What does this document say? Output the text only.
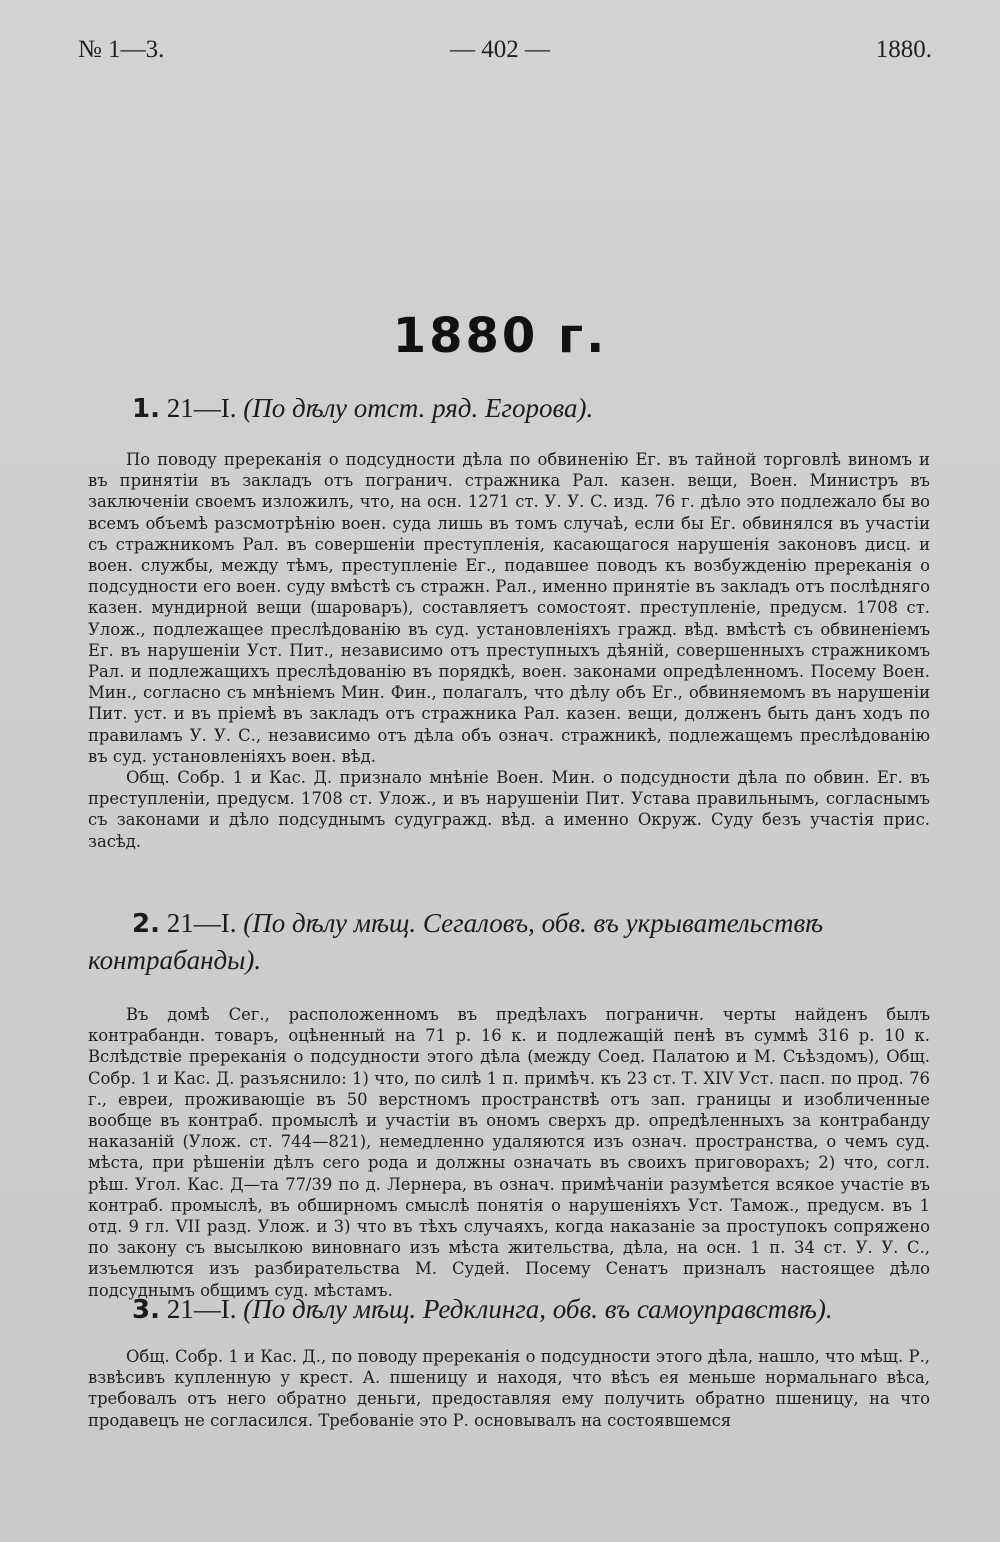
№ 1—3.	— 402 —	1880.
1880 г.
1. 21—I. (По дѣлу отст. ряд. Егорова).

По поводу пререканія о подсудности дѣла по обвиненію Ег. въ тайной торговлѣ виномъ и въ принятіи въ закладъ отъ погранич. стражника Рал. казен. вещи, Воен. Министръ въ заключеніи своемъ изложилъ, что, на осн. 1271 ст. У. У. С. изд. 76 г. дѣло это подлежало бы во всемъ объемѣ разсмотрѣнію воен. суда лишь въ томъ случаѣ, если бы Ег. обвинялся въ участіи съ стражникомъ Рал. въ совершеніи преступленія, касающагося нарушенія законовъ дисц. и воен. службы, между тѣмъ, преступленіе Ег., подавшее поводъ къ возбужденію пререканія о подсудности его воен. суду вмѣстѣ съ стражн. Рал., именно принятіе въ закладъ отъ послѣдняго казен. мундирной вещи (шароваръ), составляетъ сомостоят. преступленіе, предусм. 1708 ст. Улож., подлежащее преслѣдованію въ суд. установленіяхъ гражд. вѣд. вмѣстѣ съ обвиненіемъ Ег. въ нарушеніи Уст. Пит., независимо отъ преступныхъ дѣяній, совершенныхъ стражникомъ Рал. и подлежащихъ преслѣдованію въ порядкѣ, воен. законами опредѣленномъ. Посему Воен. Мин., согласно съ мнѣніемъ Мин. Фин., полагалъ, что дѣлу объ Ег., обвиняемомъ въ нарушеніи Пит. уст. и въ пріемѣ въ закладъ отъ стражника Рал. казен. вещи, долженъ быть данъ ходъ по правиламъ У. У. С., независимо отъ дѣла объ означ. стражникѣ, подлежащемъ преслѣдованію въ суд. установленіяхъ воен. вѣд.

Общ. Собр. 1 и Кас. Д. признало мнѣніе Воен. Мин. о подсудности дѣла по обвин. Ег. въ преступленіи, предусм. 1708 ст. Улож., и въ нарушеніи Пит. Устава правильнымъ, согласнымъ съ законами и дѣло подсуднымъ судугражд. вѣд. а именно Окруж. Суду безъ участія прис. засѣд.

2. 21—I. (По дѣлу мѣщ. Сегаловъ, обв. въ укрывательствѣ контрабанды).

Въ домѣ Сег., расположенномъ въ предѣлахъ пограничн. черты найденъ былъ контрабандн. товаръ, оцѣненный на 71 р. 16 к. и подлежащій пенѣ въ суммѣ 316 р. 10 к. Вслѣдствіе пререканія о подсудности этого дѣла (между Соед. Палатою и М. Съѣздомъ), Общ. Собр. 1 и Кас. Д. разъяснило: 1) что, по силѣ 1 п. примѣч. къ 23 ст. Т. XIV Уст. пасп. по прод. 76 г., евреи, проживающіе въ 50 верстномъ пространствѣ отъ зап. границы и изобличенные вообще въ контраб. промыслѣ и участіи въ ономъ сверхъ др. опредѣленныхъ за контрабанду наказаній (Улож. ст. 744—821), немедленно удаляются изъ означ. пространства, о чемъ суд. мѣста, при рѣшеніи дѣлъ сего рода и должны означать въ своихъ приговорахъ; 2) что, согл. рѣш. Угол. Кас. Д—та 77/39 по д. Лернера, въ означ. примѣчаніи разумѣется всякое участіе въ контраб. промыслѣ, въ обширномъ смыслѣ понятія о нарушеніяхъ Уст. Тамож., предусм. въ 1 отд. 9 гл. VII разд. Улож. и 3) что въ тѣхъ случаяхъ, когда наказаніе за проступокъ сопряжено по закону съ высылкою виновнаго изъ мѣста жительства, дѣла, на осн. 1 п. 34 ст. У. У. С., изъемлются изъ разбирательства М. Судей. Посему Сенатъ призналъ настоящее дѣло подсуднымъ общимъ суд. мѣстамъ.

3. 21—I. (По дѣлу мѣщ. Редклинга, обв. въ самоуправствѣ).

Общ. Собр. 1 и Кас. Д., по поводу пререканія о подсудности этого дѣла, нашло, что мѣщ. Р., взвѣсивъ купленную у крест. А. пшеницу и находя, что вѣсъ ея меньше нормальнаго вѣса, требовалъ отъ него обратно деньги, предоставляя ему получить обратно пшеницу, на что продавецъ не согласился. Требованіе это Р. основывалъ на состоявшемся
